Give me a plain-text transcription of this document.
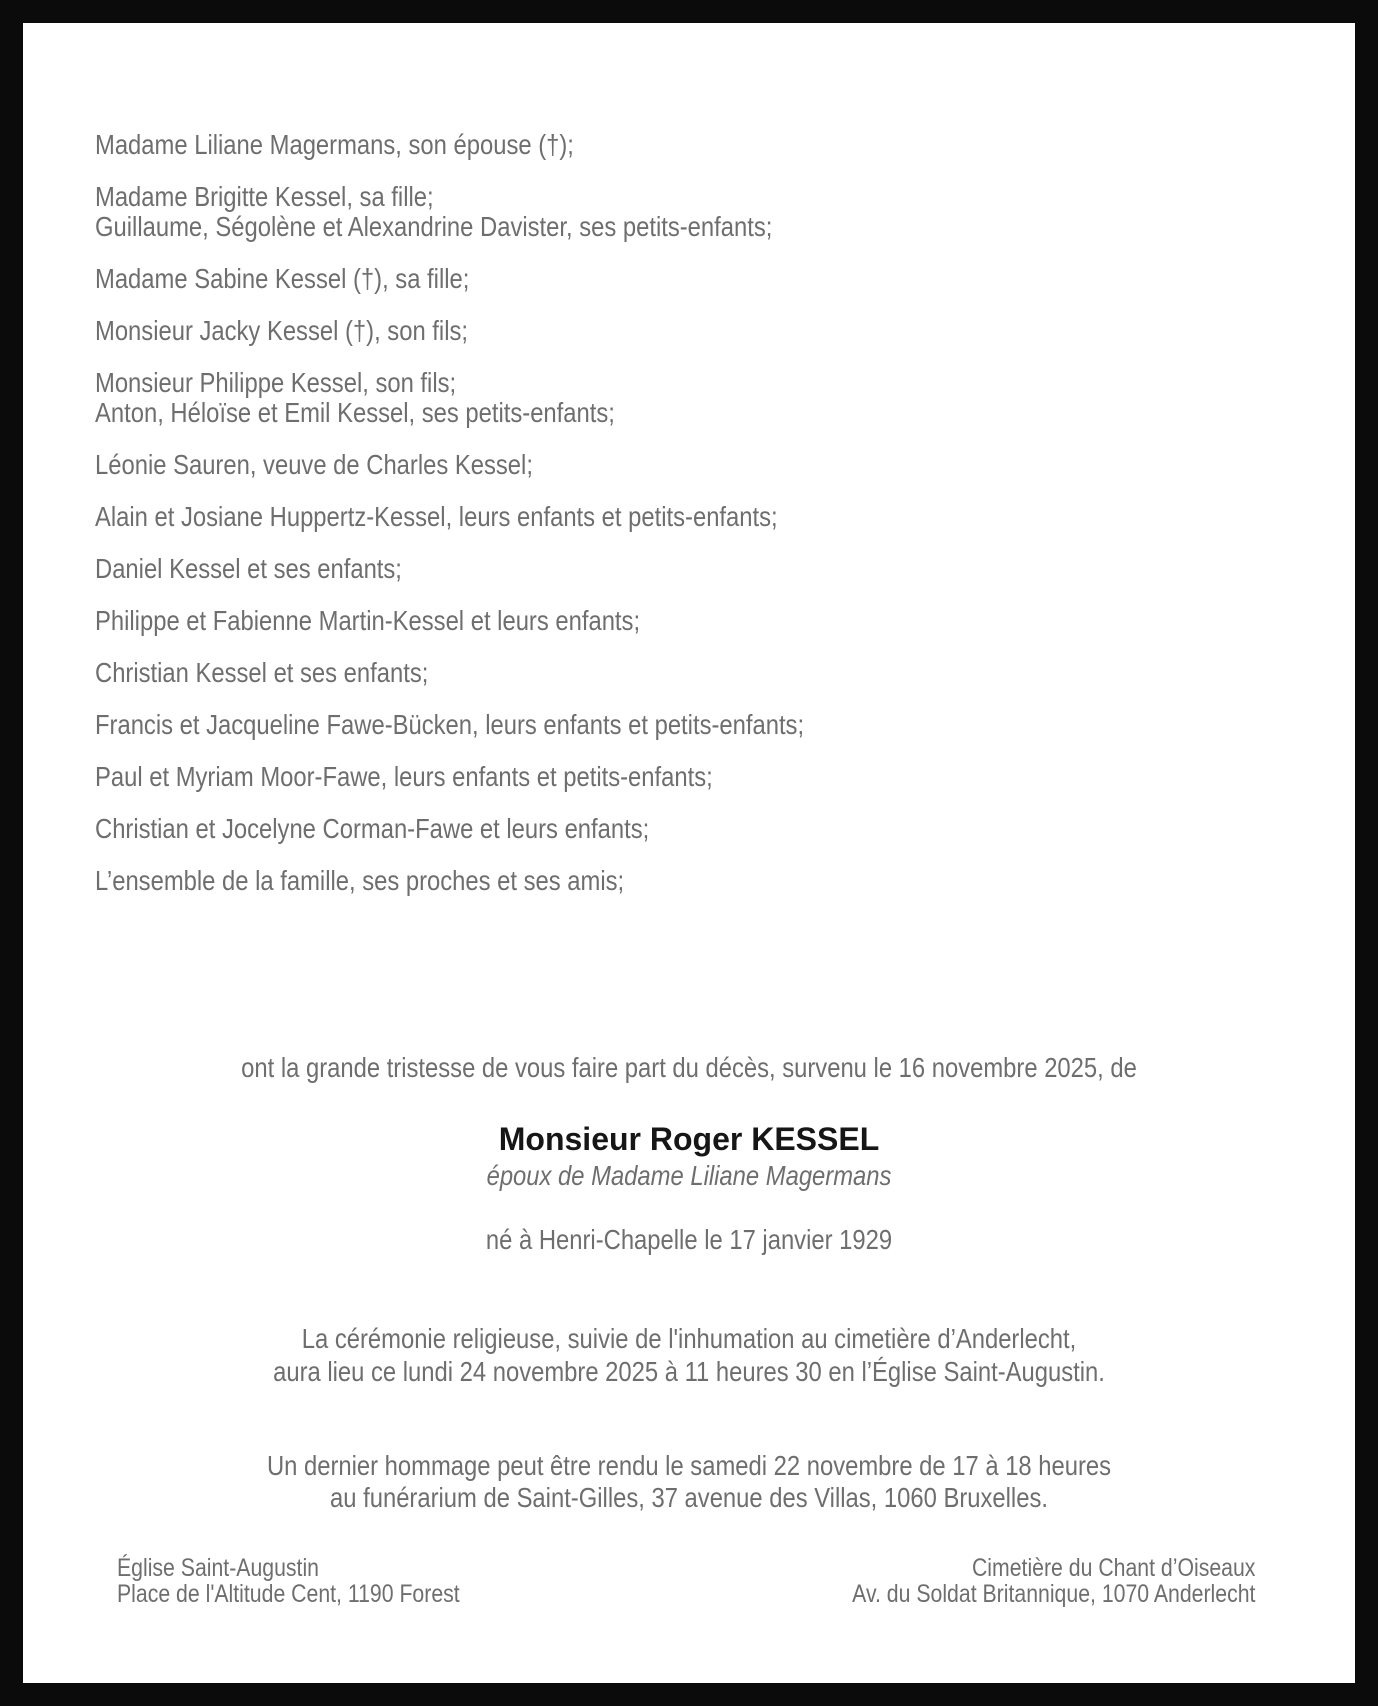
Madame Liliane Magermans, son épouse (†);
Madame Brigitte Kessel, sa fille;
Guillaume, Ségolène et Alexandrine Davister, ses petits-enfants;
Madame Sabine Kessel (†), sa fille;
Monsieur Jacky Kessel (†), son fils;
Monsieur Philippe Kessel, son fils;
Anton, Héloïse et Emil Kessel, ses petits-enfants;
Léonie Sauren, veuve de Charles Kessel;
Alain et Josiane Huppertz-Kessel, leurs enfants et petits-enfants;
Daniel Kessel et ses enfants;
Philippe et Fabienne Martin-Kessel et leurs enfants;
Christian Kessel et ses enfants;
Francis et Jacqueline Fawe-Bücken, leurs enfants et petits-enfants;
Paul et Myriam Moor-Fawe, leurs enfants et petits-enfants;
Christian et Jocelyne Corman-Fawe et leurs enfants;
L’ensemble de la famille, ses proches et ses amis;
ont la grande tristesse de vous faire part du décès, survenu le 16 novembre 2025, de
Monsieur Roger KESSEL
époux de Madame Liliane Magermans
né à Henri-Chapelle le 17 janvier 1929
La cérémonie religieuse, suivie de l'inhumation au cimetière d’Anderlecht,
aura lieu ce lundi 24 novembre 2025 à 11 heures 30 en l’Église Saint-Augustin.
Un dernier hommage peut être rendu le samedi 22 novembre de 17 à 18 heures
au funérarium de Saint-Gilles, 37 avenue des Villas, 1060 Bruxelles.
Église Saint-Augustin
Place de l'Altitude Cent, 1190 Forest
Cimetière du Chant d’Oiseaux
Av. du Soldat Britannique, 1070 Anderlecht
